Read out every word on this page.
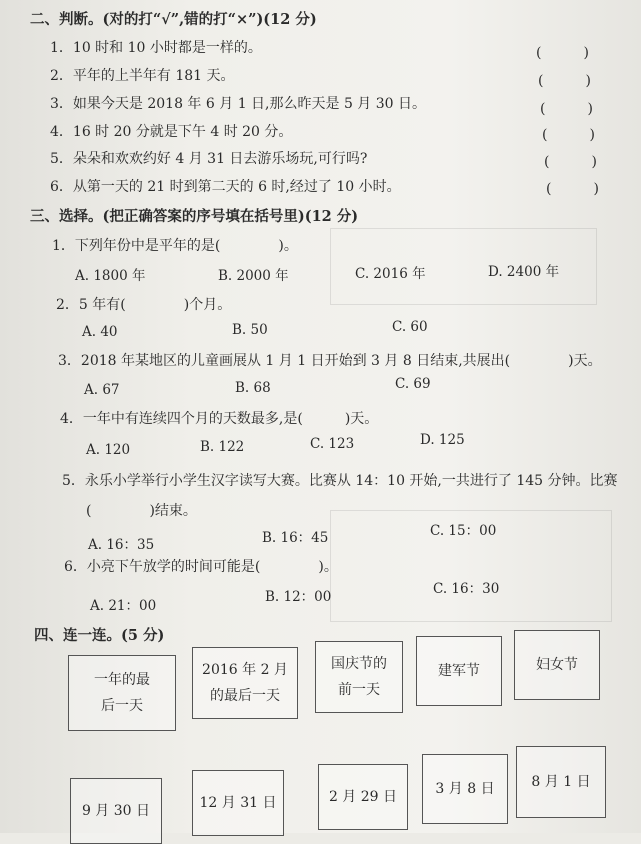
二、判断。(对的打“√”,错的打“×”)(12 分)
1．10 时和 10 小时都是一样的。	(　　　)
2．平年的上半年有 181 天。	(　　　)
3．如果今天是 2018 年 6 月 1 日,那么昨天是 5 月 30 日。	(　　　)
4．16 时 20 分就是下午 4 时 20 分。	(　　　)
5．朵朵和欢欢约好 4 月 31 日去游乐场玩,可行吗?	(　　　)
6．从第一天的 21 时到第二天的 6 时,经过了 10 小时。	(　　　)
三、选择。(把正确答案的序号填在括号里)(12 分)
1．下列年份中是平年的是(	)。
A. 1800 年	B. 2000 年	C. 2016 年	D. 2400 年
2．5 年有(	)个月。
A. 40	B. 50	C. 60
3．2018 年某地区的儿童画展从 1 月 1 日开始到 3 月 8 日结束,共展出(	)天。
A. 67	B. 68	C. 69
4．一年中有连续四个月的天数最多,是(	)天。
A. 120	B. 122	C. 123	D. 125
5．永乐小学举行小学生汉字读写大赛。比赛从 14：10 开始,一共进行了 145 分钟。比赛
(	)结束。
A. 16：35	B. 16：45	C. 15：00
6．小亮下午放学的时间可能是(	)。
A. 21：00
B. 12：00	C. 16：30
四、连一连。(5 分)
一年的最
后一天
2016 年 2 月
的最后一天
国庆节的
前一天
建军节	妇女节
9 月 30 日	12 月 31 日	2 月 29 日	3 月 8 日	8 月 1 日
